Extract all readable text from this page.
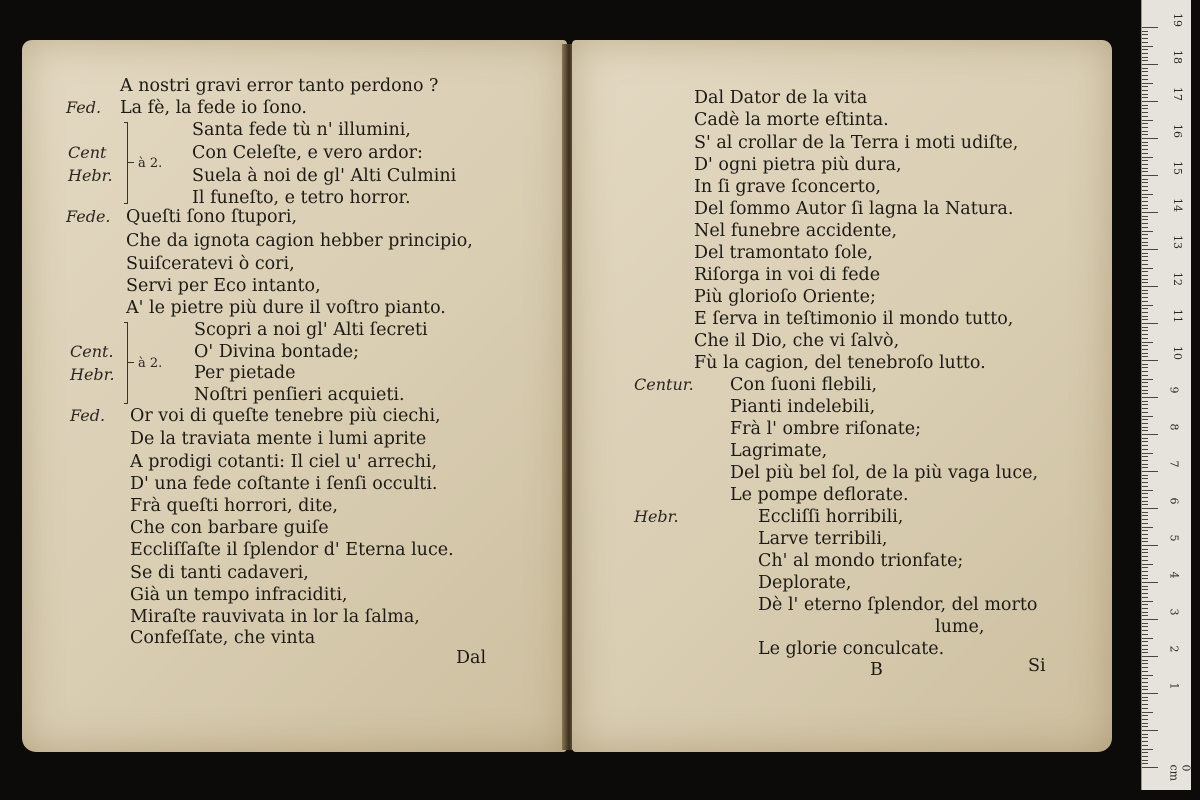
A nostri gravi error tanto perdono ?
La fè, la fede io ſono.
Santa fede tù n' illumini,
Con Celeſte, e vero ardor:
Suela à noi de gl' Alti Culmini
Il funeſto, e tetro horror.
Queſti ſono ſtupori,
Che da ignota cagion hebber principio,
Suiſceratevi ò cori,
Servi per Eco intanto,
A' le pietre più dure il voſtro pianto.
Scopri a noi gl' Alti ſecreti
O' Divina bontade;
Per pietade
Noſtri penſieri acquieti.
Or voi di queſte tenebre più ciechi,
De la traviata mente i lumi aprite
A prodigi cotanti: Il ciel u' arrechi,
D' una fede coſtante i ſenſi occulti.
Frà queſti horrori, dite,
Che con barbare guiſe
Eccliſſaſte il ſplendor d' Eterna luce.
Se di tanti cadaveri,
Già un tempo infraciditi,
Miraſte rauvivata in lor la ſalma,
Confeſſate, che vinta
Fed.
Cent
Hebr.
Fede.
Cent.
Hebr.
Fed.
à 2.
à 2.
Dal
Dal Dator de la vita
Cadè la morte eſtinta.
S' al crollar de la Terra i moti udiſte,
D' ogni pietra più dura,
In ſi grave ſconcerto,
Del ſommo Autor ſi lagna la Natura.
Nel funebre accidente,
Del tramontato ſole,
Riſorga in voi di fede
Più glorioſo Oriente;
E ſerva in teſtimonio il mondo tutto,
Che il Dio, che vi ſalvò,
Fù la cagion, del tenebroſo lutto.
Con ſuoni flebili,
Pianti indelebili,
Frà l' ombre riſonate;
Lagrimate,
Del più bel ſol, de la più vaga luce,
Le pompe deflorate.
Eccliſſi horribili,
Larve terribili,
Ch' al mondo trionfate;
Deplorate,
Dè l' eterno ſplendor, del morto
lume,
Le glorie conculcate.
Centur.
Hebr.
B	Si
0 cm
1
2
3
4
5
6
7
8
9
10
11
12
13
14
15
16
17
18
19
